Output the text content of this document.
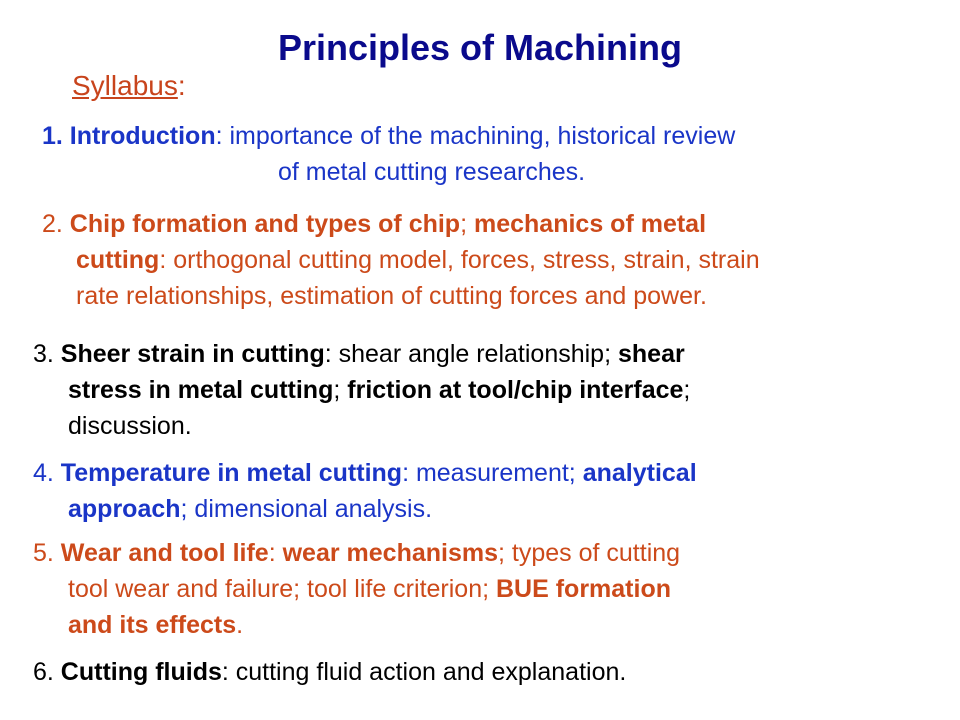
Principles of Machining
Syllabus:
1. Introduction: importance of the machining, historical review
of metal cutting researches.
2. Chip formation and types of chip; mechanics of metal
cutting: orthogonal cutting model, forces, stress, strain, strain
rate relationships, estimation of cutting forces and power.
3. Sheer strain in cutting: shear angle relationship; shear
stress in metal cutting; friction at tool/chip interface;
discussion.
4. Temperature in metal cutting: measurement; analytical
approach; dimensional analysis.
5. Wear and tool life: wear mechanisms; types of cutting
tool wear and failure; tool life criterion; BUE formation
and its effects.
6. Cutting fluids: cutting fluid action and explanation.
